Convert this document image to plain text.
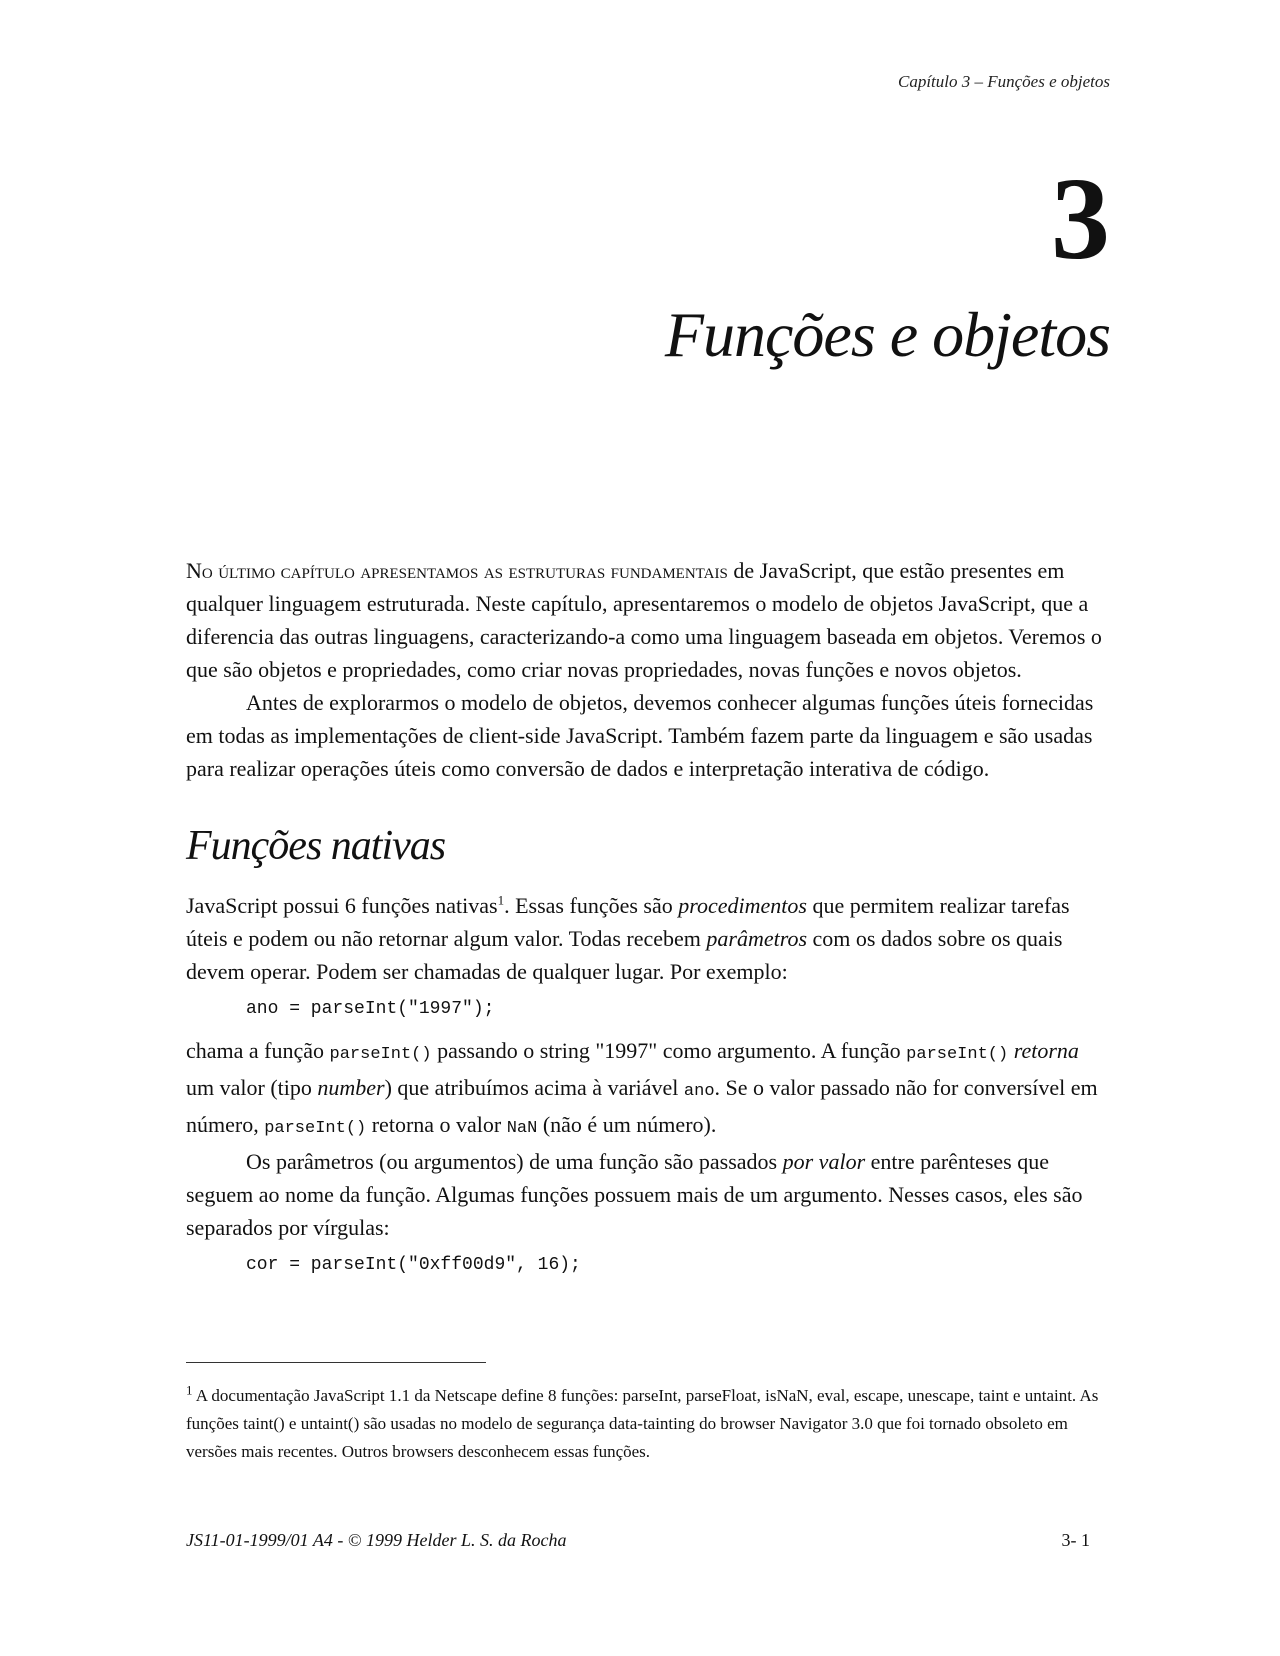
Capítulo 3 – Funções e objetos
3
Funções e objetos

No último capítulo apresentamos as estruturas fundamentais de JavaScript, que estão presentes em qualquer linguagem estruturada. Neste capítulo, apresentaremos o modelo de objetos JavaScript, que a diferencia das outras linguagens, caracterizando-a como uma linguagem baseada em objetos. Veremos o que são objetos e propriedades, como criar novas propriedades, novas funções e novos objetos.

Antes de explorarmos o modelo de objetos, devemos conhecer algumas funções úteis fornecidas em todas as implementações de client-side JavaScript. Também fazem parte da linguagem e são usadas para realizar operações úteis como conversão de dados e interpretação interativa de código.

Funções nativas

JavaScript possui 6 funções nativas$^1$. Essas funções são procedimentos que permitem realizar tarefas úteis e podem ou não retornar algum valor. Todas recebem parâmetros com os dados sobre os quais devem operar. Podem ser chamadas de qualquer lugar. Por exemplo:

ano = parseInt("1997");

chama a função parseInt() passando o string "1997" como argumento. A função parseInt() retorna um valor (tipo number) que atribuímos acima à variável ano. Se o valor passado não for conversível em número, parseInt() retorna o valor NaN (não é um número).

Os parâmetros (ou argumentos) de uma função são passados por valor entre parênteses que seguem ao nome da função. Algumas funções possuem mais de um argumento. Nesses casos, eles são separados por vírgulas:

cor = parseInt("0xff00d9", 16);
$^1$ A documentação JavaScript 1.1 da Netscape define 8 funções: parseInt, parseFloat, isNaN, eval, escape, unescape, taint e untaint. As funções taint() e untaint() são usadas no modelo de segurança data-tainting do browser Navigator 3.0 que foi tornado obsoleto em versões mais recentes. Outros browsers desconhecem essas funções.
JS11-01-1999/01 A4 - © 1999 Helder L. S. da Rocha	3- 1
